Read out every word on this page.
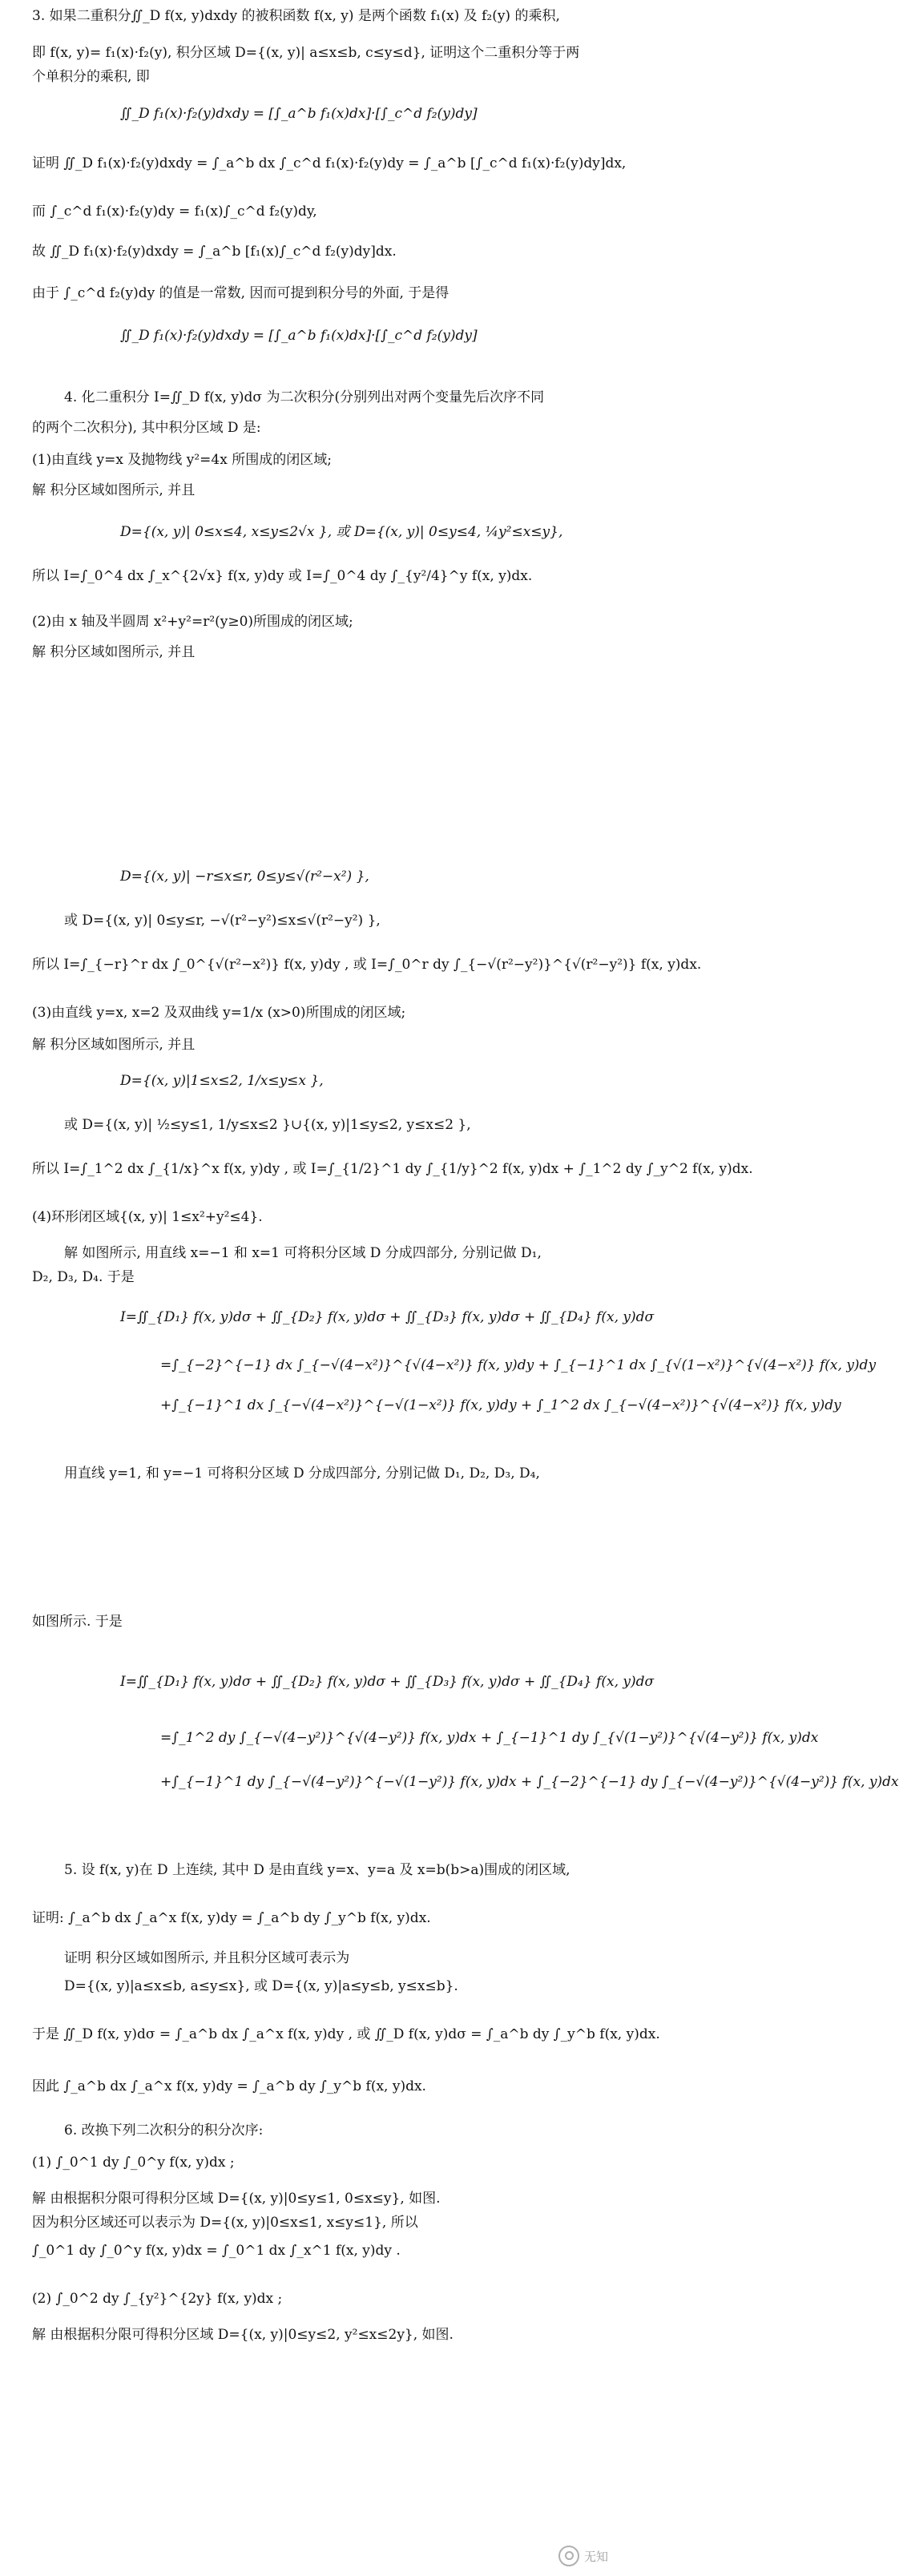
3. 如果二重积分∬_D f(x, y)dxdy 的被积函数 f(x, y) 是两个函数 f₁(x) 及 f₂(y) 的乘积,
即 f(x, y)= f₁(x)·f₂(y), 积分区域 D={(x, y)| a≤x≤b, c≤y≤d}, 证明这个二重积分等于两
个单积分的乘积, 即
∬_D f₁(x)·f₂(y)dxdy = [∫_a^b f₁(x)dx]·[∫_c^d f₂(y)dy]
证明 ∬_D f₁(x)·f₂(y)dxdy = ∫_a^b dx ∫_c^d f₁(x)·f₂(y)dy = ∫_a^b [∫_c^d f₁(x)·f₂(y)dy]dx,
而 ∫_c^d f₁(x)·f₂(y)dy = f₁(x)∫_c^d f₂(y)dy,
故 ∬_D f₁(x)·f₂(y)dxdy = ∫_a^b [f₁(x)∫_c^d f₂(y)dy]dx.
由于 ∫_c^d f₂(y)dy 的值是一常数, 因而可提到积分号的外面, 于是得
∬_D f₁(x)·f₂(y)dxdy = [∫_a^b f₁(x)dx]·[∫_c^d f₂(y)dy]
4. 化二重积分 I=∬_D f(x, y)dσ 为二次积分(分别列出对两个变量先后次序不同
的两个二次积分), 其中积分区域 D 是:
(1)由直线 y=x 及抛物线 y²=4x 所围成的闭区域;
解 积分区域如图所示, 并且
D={(x, y)| 0≤x≤4, x≤y≤2√x }, 或 D={(x, y)| 0≤y≤4, ¼y²≤x≤y},
所以 I=∫_0^4 dx ∫_x^{2√x} f(x, y)dy 或 I=∫_0^4 dy ∫_{y²/4}^y f(x, y)dx.
(2)由 x 轴及半圆周 x²+y²=r²(y≥0)所围成的闭区域;
解 积分区域如图所示, 并且
D={(x, y)| −r≤x≤r, 0≤y≤√(r²−x²) },
或 D={(x, y)| 0≤y≤r, −√(r²−y²)≤x≤√(r²−y²) },
所以 I=∫_{−r}^r dx ∫_0^{√(r²−x²)} f(x, y)dy , 或 I=∫_0^r dy ∫_{−√(r²−y²)}^{√(r²−y²)} f(x, y)dx.
(3)由直线 y=x, x=2 及双曲线 y=1/x (x>0)所围成的闭区域;
解 积分区域如图所示, 并且
D={(x, y)|1≤x≤2, 1/x≤y≤x },
或 D={(x, y)| ½≤y≤1, 1/y≤x≤2 }∪{(x, y)|1≤y≤2, y≤x≤2 },
所以 I=∫_1^2 dx ∫_{1/x}^x f(x, y)dy , 或 I=∫_{1/2}^1 dy ∫_{1/y}^2 f(x, y)dx + ∫_1^2 dy ∫_y^2 f(x, y)dx.
(4)环形闭区域{(x, y)| 1≤x²+y²≤4}.
解 如图所示, 用直线 x=−1 和 x=1 可将积分区域 D 分成四部分, 分别记做 D₁,
D₂, D₃, D₄. 于是
I=∬_{D₁} f(x, y)dσ + ∬_{D₂} f(x, y)dσ + ∬_{D₃} f(x, y)dσ + ∬_{D₄} f(x, y)dσ
=∫_{−2}^{−1} dx ∫_{−√(4−x²)}^{√(4−x²)} f(x, y)dy + ∫_{−1}^1 dx ∫_{√(1−x²)}^{√(4−x²)} f(x, y)dy
+∫_{−1}^1 dx ∫_{−√(4−x²)}^{−√(1−x²)} f(x, y)dy + ∫_1^2 dx ∫_{−√(4−x²)}^{√(4−x²)} f(x, y)dy
用直线 y=1, 和 y=−1 可将积分区域 D 分成四部分, 分别记做 D₁, D₂, D₃, D₄,
如图所示. 于是
I=∬_{D₁} f(x, y)dσ + ∬_{D₂} f(x, y)dσ + ∬_{D₃} f(x, y)dσ + ∬_{D₄} f(x, y)dσ
=∫_1^2 dy ∫_{−√(4−y²)}^{√(4−y²)} f(x, y)dx + ∫_{−1}^1 dy ∫_{√(1−y²)}^{√(4−y²)} f(x, y)dx
+∫_{−1}^1 dy ∫_{−√(4−y²)}^{−√(1−y²)} f(x, y)dx + ∫_{−2}^{−1} dy ∫_{−√(4−y²)}^{√(4−y²)} f(x, y)dx
5. 设 f(x, y)在 D 上连续, 其中 D 是由直线 y=x、y=a 及 x=b(b>a)围成的闭区域,
证明: ∫_a^b dx ∫_a^x f(x, y)dy = ∫_a^b dy ∫_y^b f(x, y)dx.
证明 积分区域如图所示, 并且积分区域可表示为
D={(x, y)|a≤x≤b, a≤y≤x}, 或 D={(x, y)|a≤y≤b, y≤x≤b}.
于是 ∬_D f(x, y)dσ = ∫_a^b dx ∫_a^x f(x, y)dy , 或 ∬_D f(x, y)dσ = ∫_a^b dy ∫_y^b f(x, y)dx.
因此 ∫_a^b dx ∫_a^x f(x, y)dy = ∫_a^b dy ∫_y^b f(x, y)dx.
6. 改换下列二次积分的积分次序:
(1) ∫_0^1 dy ∫_0^y f(x, y)dx ;
解 由根据积分限可得积分区域 D={(x, y)|0≤y≤1, 0≤x≤y}, 如图.
因为积分区域还可以表示为 D={(x, y)|0≤x≤1, x≤y≤1}, 所以
∫_0^1 dy ∫_0^y f(x, y)dx = ∫_0^1 dx ∫_x^1 f(x, y)dy .
(2) ∫_0^2 dy ∫_{y²}^{2y} f(x, y)dx ;
解 由根据积分限可得积分区域 D={(x, y)|0≤y≤2, y²≤x≤2y}, 如图.
无知
